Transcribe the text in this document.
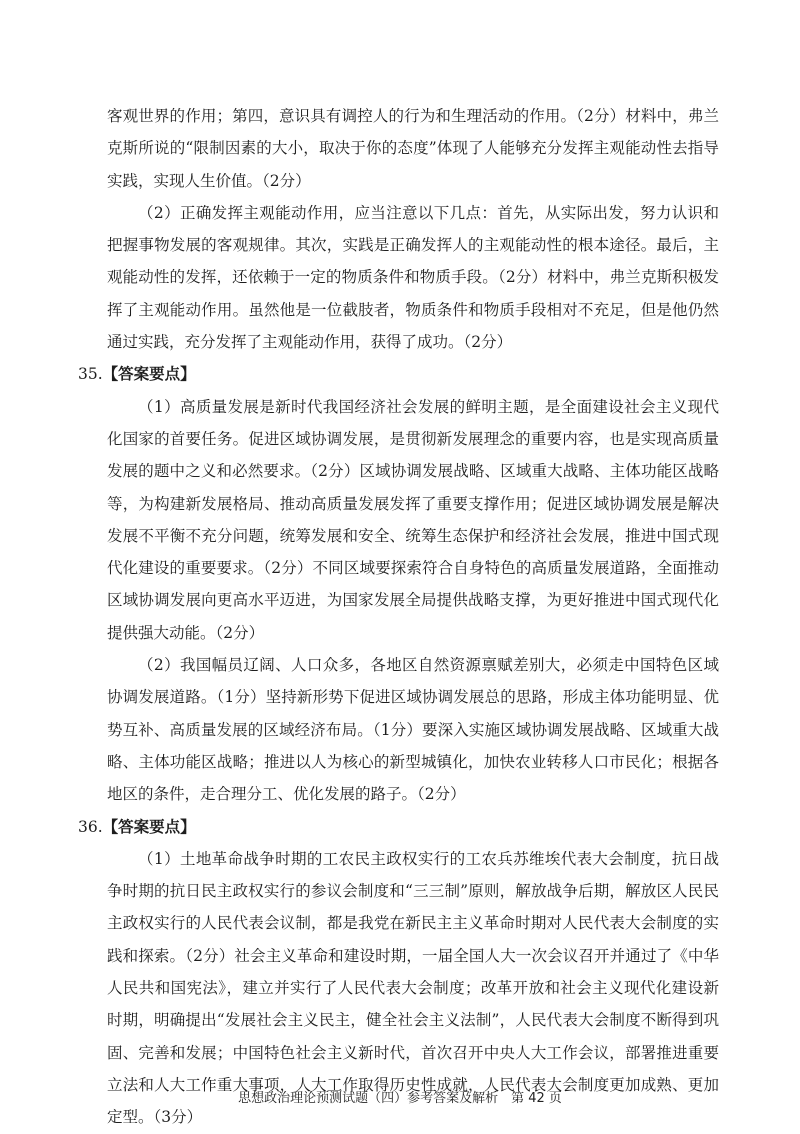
客观世界的作用；第四，意识具有调控人的行为和生理活动的作用。（2分）材料中，弗兰克斯所说的“限制因素的大小，取决于你的态度”体现了人能够充分发挥主观能动性去指导实践，实现人生价值。（2分）

（2）正确发挥主观能动作用，应当注意以下几点：首先，从实际出发，努力认识和把握事物发展的客观规律。其次，实践是正确发挥人的主观能动性的根本途径。最后，主观能动性的发挥，还依赖于一定的物质条件和物质手段。（2分）材料中，弗兰克斯积极发挥了主观能动作用。虽然他是一位截肢者，物质条件和物质手段相对不充足，但是他仍然通过实践，充分发挥了主观能动作用，获得了成功。（2分）

35.【答案要点】

（1）高质量发展是新时代我国经济社会发展的鲜明主题，是全面建设社会主义现代化国家的首要任务。促进区域协调发展，是贯彻新发展理念的重要内容，也是实现高质量发展的题中之义和必然要求。（2分）区域协调发展战略、区域重大战略、主体功能区战略等，为构建新发展格局、推动高质量发展发挥了重要支撑作用；促进区域协调发展是解决发展不平衡不充分问题，统筹发展和安全、统筹生态保护和经济社会发展，推进中国式现代化建设的重要要求。（2分）不同区域要探索符合自身特色的高质量发展道路，全面推动区域协调发展向更高水平迈进，为国家发展全局提供战略支撑，为更好推进中国式现代化提供强大动能。（2分）

（2）我国幅员辽阔、人口众多，各地区自然资源禀赋差别大，必须走中国特色区域协调发展道路。（1分）坚持新形势下促进区域协调发展总的思路，形成主体功能明显、优势互补、高质量发展的区域经济布局。（1分）要深入实施区域协调发展战略、区域重大战略、主体功能区战略；推进以人为核心的新型城镇化，加快农业转移人口市民化；根据各地区的条件，走合理分工、优化发展的路子。（2分）

36.【答案要点】

（1）土地革命战争时期的工农民主政权实行的工农兵苏维埃代表大会制度，抗日战争时期的抗日民主政权实行的参议会制度和“三三制”原则，解放战争后期，解放区人民民主政权实行的人民代表会议制，都是我党在新民主主义革命时期对人民代表大会制度的实践和探索。（2分）社会主义革命和建设时期，一届全国人大一次会议召开并通过了《中华人民共和国宪法》，建立并实行了人民代表大会制度；改革开放和社会主义现代化建设新时期，明确提出“发展社会主义民主，健全社会主义法制”，人民代表大会制度不断得到巩固、完善和发展；中国特色社会主义新时代，首次召开中央人大工作会议，部署推进重要立法和人大工作重大事项，人大工作取得历史性成就，人民代表大会制度更加成熟、更加定型。（3分）

思想政治理论预测试题（四）参考答案及解析　第 42 页
